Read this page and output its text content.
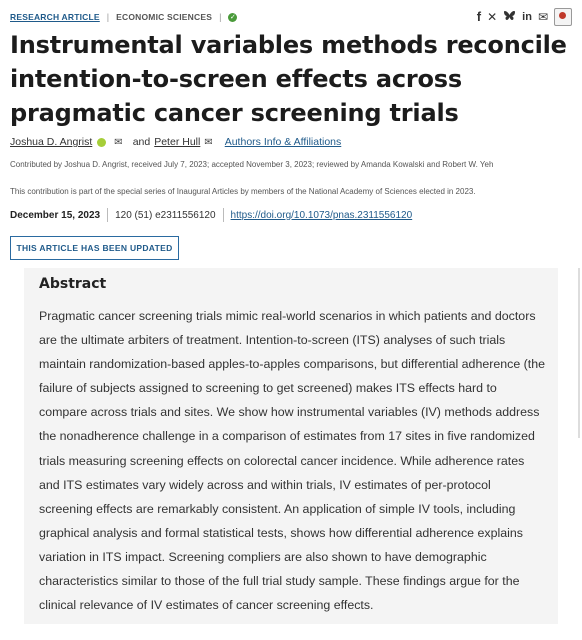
RESEARCH ARTICLE | ECONOMIC SCIENCES | ✓	f ✕ in ✉
Instrumental variables methods reconcile intention-to-screen effects across pragmatic cancer screening trials
Joshua D. Angrist ✉ and Peter Hull ✉ Authors Info & Affiliations
Contributed by Joshua D. Angrist, received July 7, 2023; accepted November 3, 2023; reviewed by Amanda Kowalski and Robert W. Yeh
This contribution is part of the special series of Inaugural Articles by members of the National Academy of Sciences elected in 2023.
December 15, 2023 120 (51) e2311556120 https://doi.org/10.1073/pnas.2311556120
THIS ARTICLE HAS BEEN UPDATED
Abstract

Pragmatic cancer screening trials mimic real-world scenarios in which patients and doctors are the ultimate arbiters of treatment. Intention-to-screen (ITS) analyses of such trials maintain randomization-based apples-to-apples comparisons, but differential adherence (the failure of subjects assigned to screening to get screened) makes ITS effects hard to compare across trials and sites. We show how instrumental variables (IV) methods address the nonadherence challenge in a comparison of estimates from 17 sites in five randomized trials measuring screening effects on colorectal cancer incidence. While adherence rates and ITS estimates vary widely across and within trials, IV estimates of per-protocol screening effects are remarkably consistent. An application of simple IV tools, including graphical analysis and formal statistical tests, shows how differential adherence explains variation in ITS impact. Screening compliers are also shown to have demographic characteristics similar to those of the full trial study sample. These findings argue for the clinical relevance of IV estimates of cancer screening effects.
